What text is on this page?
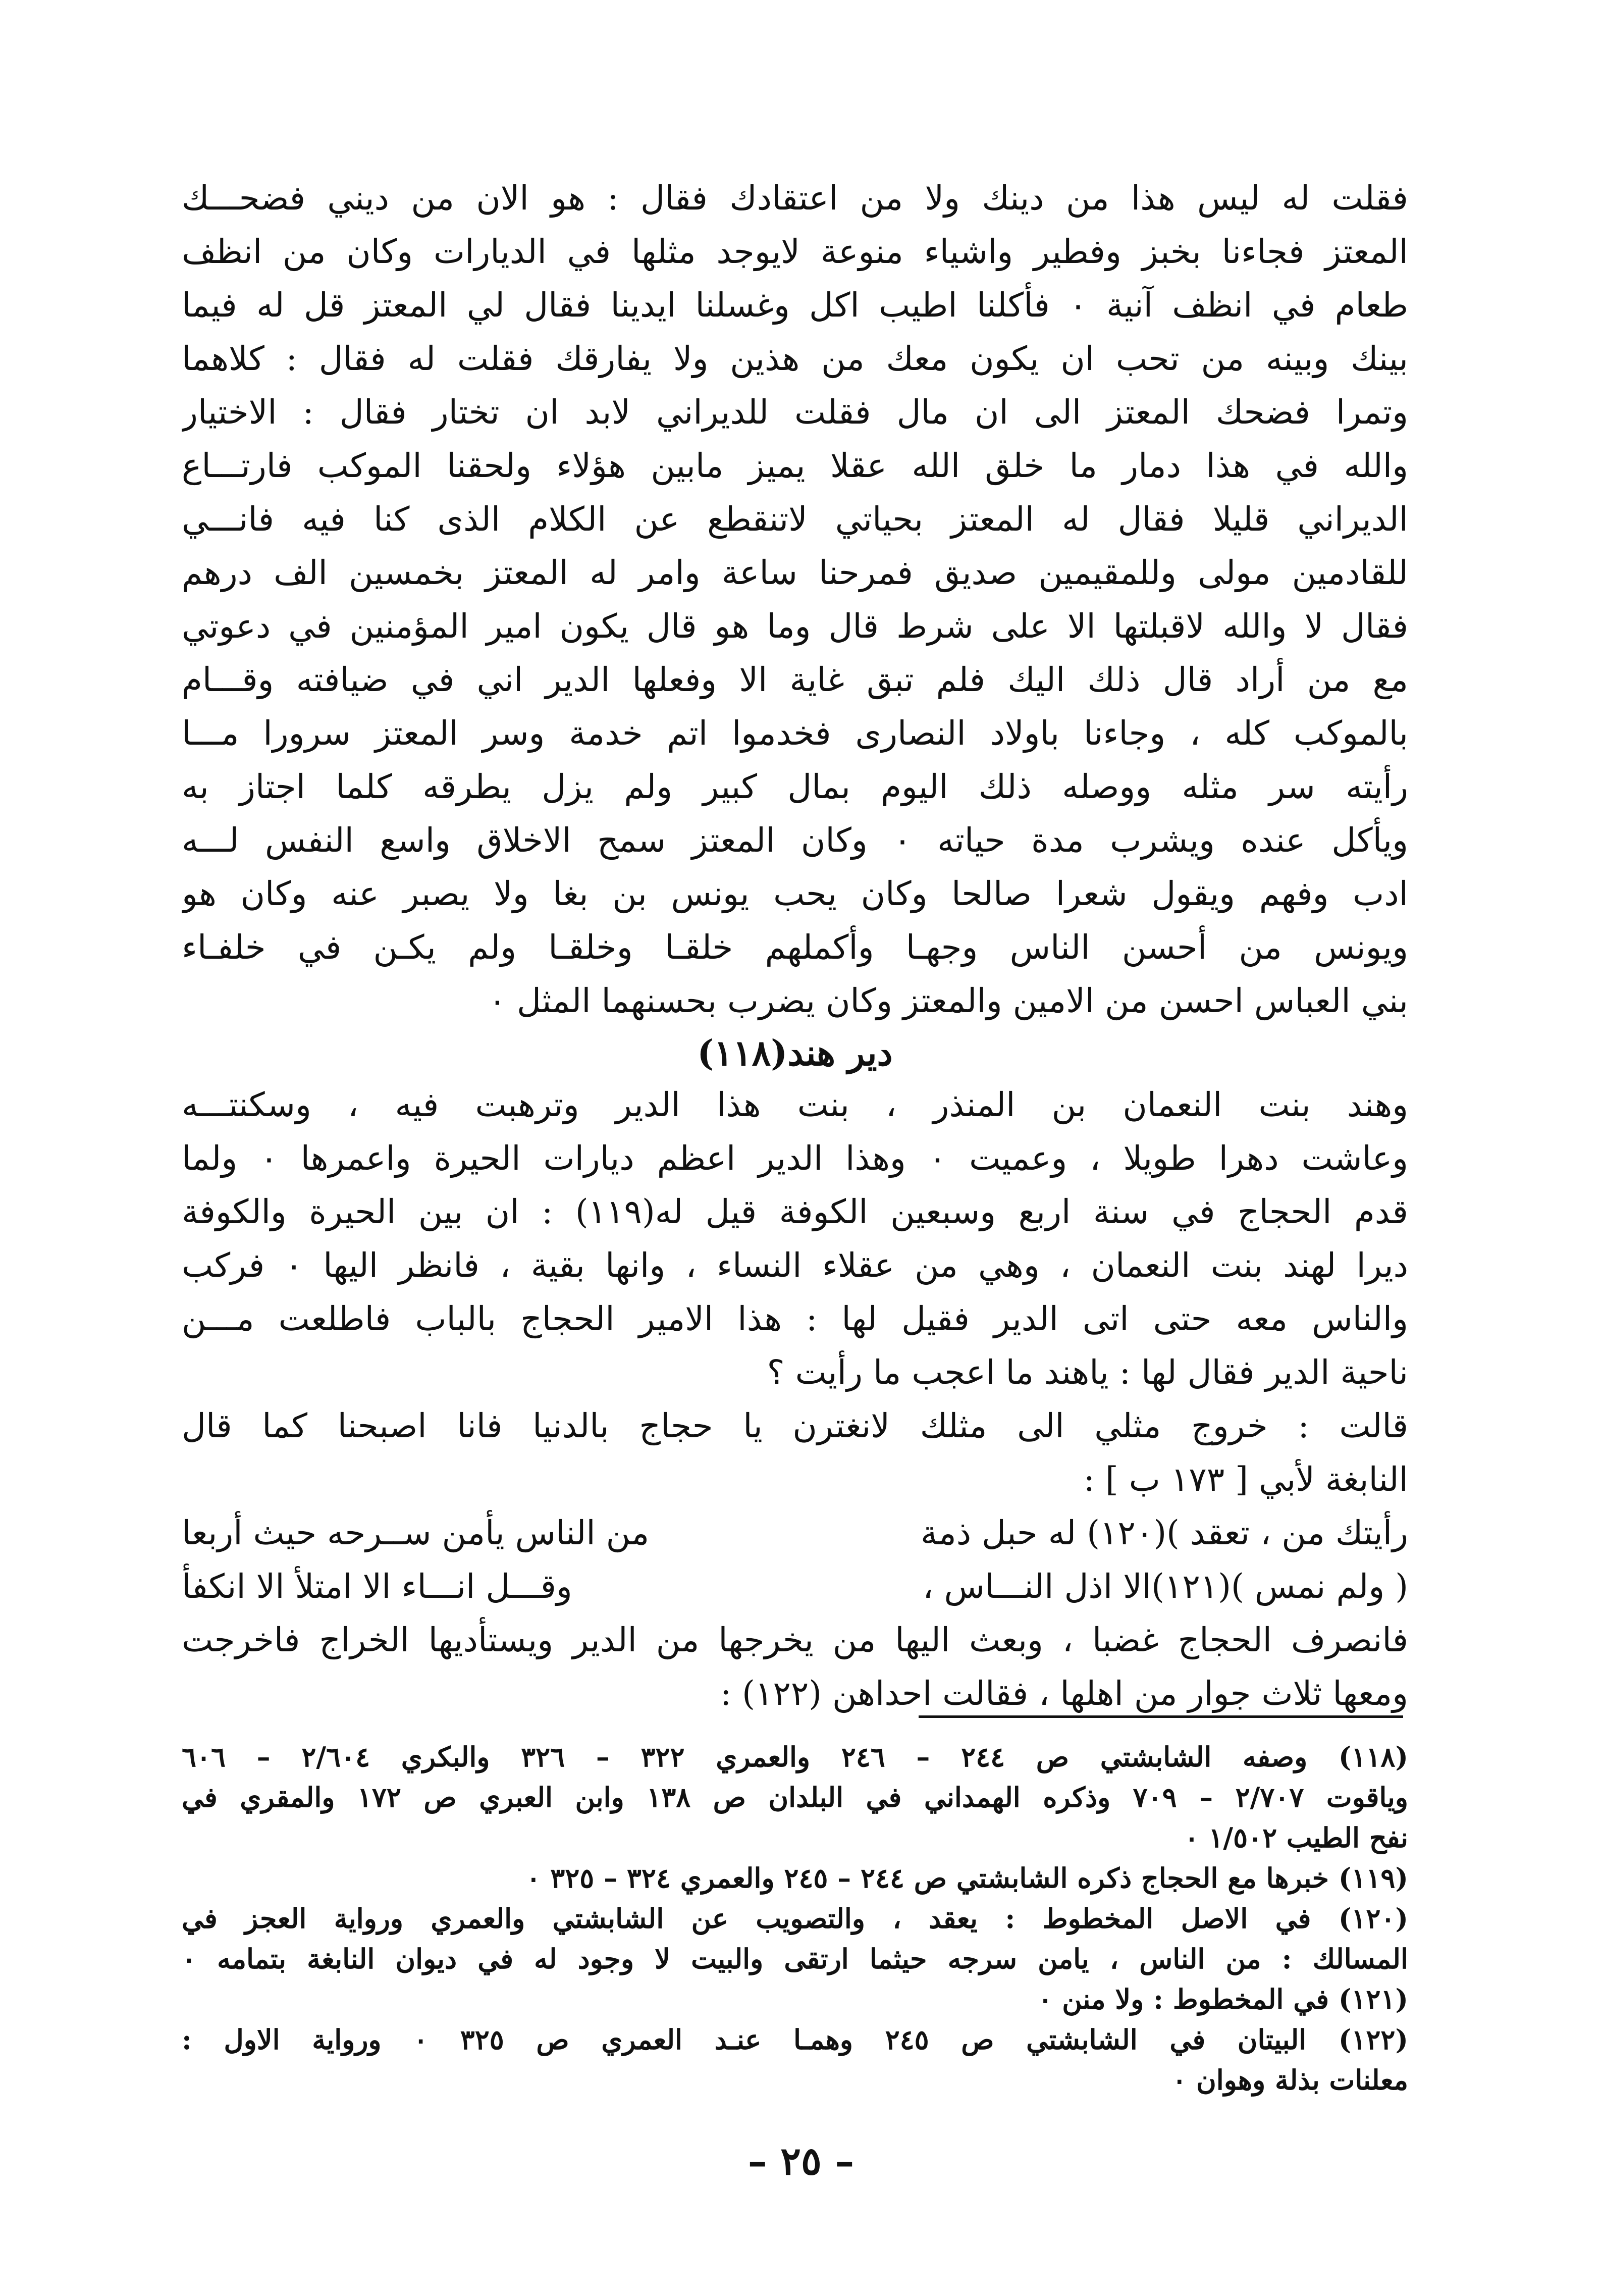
فقلت له ليس هذا من دينك ولا من اعتقادك فقال : هو الان من ديني فضحـــك
المعتز فجاءنا بخبز وفطير واشياء منوعة لايوجد مثلها في الديارات وكان من انظف
طعام في انظف آنية ٠ فأكلنا اطيب اكل وغسلنا ايدينا فقال لي المعتز قل له فيما
بينك وبينه من تحب ان يكون معك من هذين ولا يفارقك فقلت له فقال : كلاهما
وتمرا فضحك المعتز الى ان مال فقلت للديراني لابد ان تختار فقال : الاختيار
والله في هذا دمار ما خلق الله عقلا يميز مابين هؤلاء ولحقنا الموكب فارتـــاع
الديراني قليلا فقال له المعتز بحياتي لاتنقطع عن الكلام الذى كنا فيه فانـــي
للقادمين مولى وللمقيمين صديق فمرحنا ساعة وامر له المعتز بخمسين الف درهم
فقال لا والله لاقبلتها الا على شرط قال وما هو قال يكون امير المؤمنين في دعوتي
مع من أراد قال ذلك اليك فلم تبق غاية الا وفعلها الدير اني في ضيافته وقـــام
بالموكب كله ، وجاءنا باولاد النصارى فخدموا اتم خدمة وسر المعتز سرورا مـــا
رأيته سر مثله ووصله ذلك اليوم بمال كبير ولم يزل يطرقه كلما اجتاز به
ويأكل عنده ويشرب مدة حياته ٠ وكان المعتز سمح الاخلاق واسع النفس لـــه
ادب وفهم ويقول شعرا صالحا وكان يحب يونس بن بغا ولا يصبر عنه وكان هو
ويونس من أحسن الناس وجهـا وأكملهم خلقـا وخلقـا ولم يكـن في خلفـاء
بني العباس احسن من الامين والمعتز وكان يضرب بحسنهما المثل ٠
دير هند(١١٨)
وهند بنت النعمان بن المنذر ، بنت هذا الدير وترهبت فيه ، وسكنتـــه
وعاشت دهرا طويلا ، وعميت ٠ وهذا الدير اعظم ديارات الحيرة واعمرها ٠ ولما
قدم الحجاج في سنة اربع وسبعين الكوفة قيل له(١١٩) : ان بين الحيرة والكوفة
ديرا لهند بنت النعمان ، وهي من عقلاء النساء ، وانها بقية ، فانظر اليها ٠ فركب
والناس معه حتى اتى الدير فقيل لها : هذا الامير الحجاج بالباب فاطلعت مـــن
ناحية الدير فقال لها : ياهند ما اعجب ما رأيت ؟
قالت : خروج مثلي الى مثلك لانغترن يا حجاج بالدنيا فانا اصبحنا كما قال
النابغة لأبي [ ١٧٣ ب ] :
رأيتك من ، تعقد )(١٢٠) له حبل ذمة
من الناس يأمن ســرحه حيث أربعا
( ولم نمس )(١٢١)الا اذل النـــاس ،
وقـــل انـــاء الا امتلأ الا انكفأ
فانصرف الحجاج غضبا ، وبعث اليها من يخرجها من الدير ويستأديها الخراج فاخرجت
ومعها ثلاث جوار من اهلها ، فقالت احداهن (١٢٢) :
(١١٨) وصفه الشابشتي ص ٢٤٤ – ٢٤٦ والعمري ٣٢٢ – ٣٢٦ والبكري ٢/٦٠٤ – ٦٠٦
وياقوت ٢/٧٠٧ – ٧٠٩ وذكره الهمداني في البلدان ص ١٣٨ وابن العبري ص ١٧٢ والمقري في
نفح الطيب ١/٥٠٢ ٠
(١١٩) خبرها مع الحجاج ذكره الشابشتي ص ٢٤٤ – ٢٤٥ والعمري ٣٢٤ – ٣٢٥ ٠
(١٢٠) في الاصل المخطوط : يعقد ، والتصويب عن الشابشتي والعمري ورواية العجز في
المسالك : من الناس ، يامن سرجه حيثما ارتقى والبيت لا وجود له في ديوان النابغة بتمامه ٠
(١٢١) في المخطوط : ولا منن ٠
(١٢٢) البيتان في الشابشتي ص ٢٤٥ وهمـا عنـد العمري ص ٣٢٥ ٠ ورواية الاول :
معلنات بذلة وهوان ٠
– ٢٥ –
